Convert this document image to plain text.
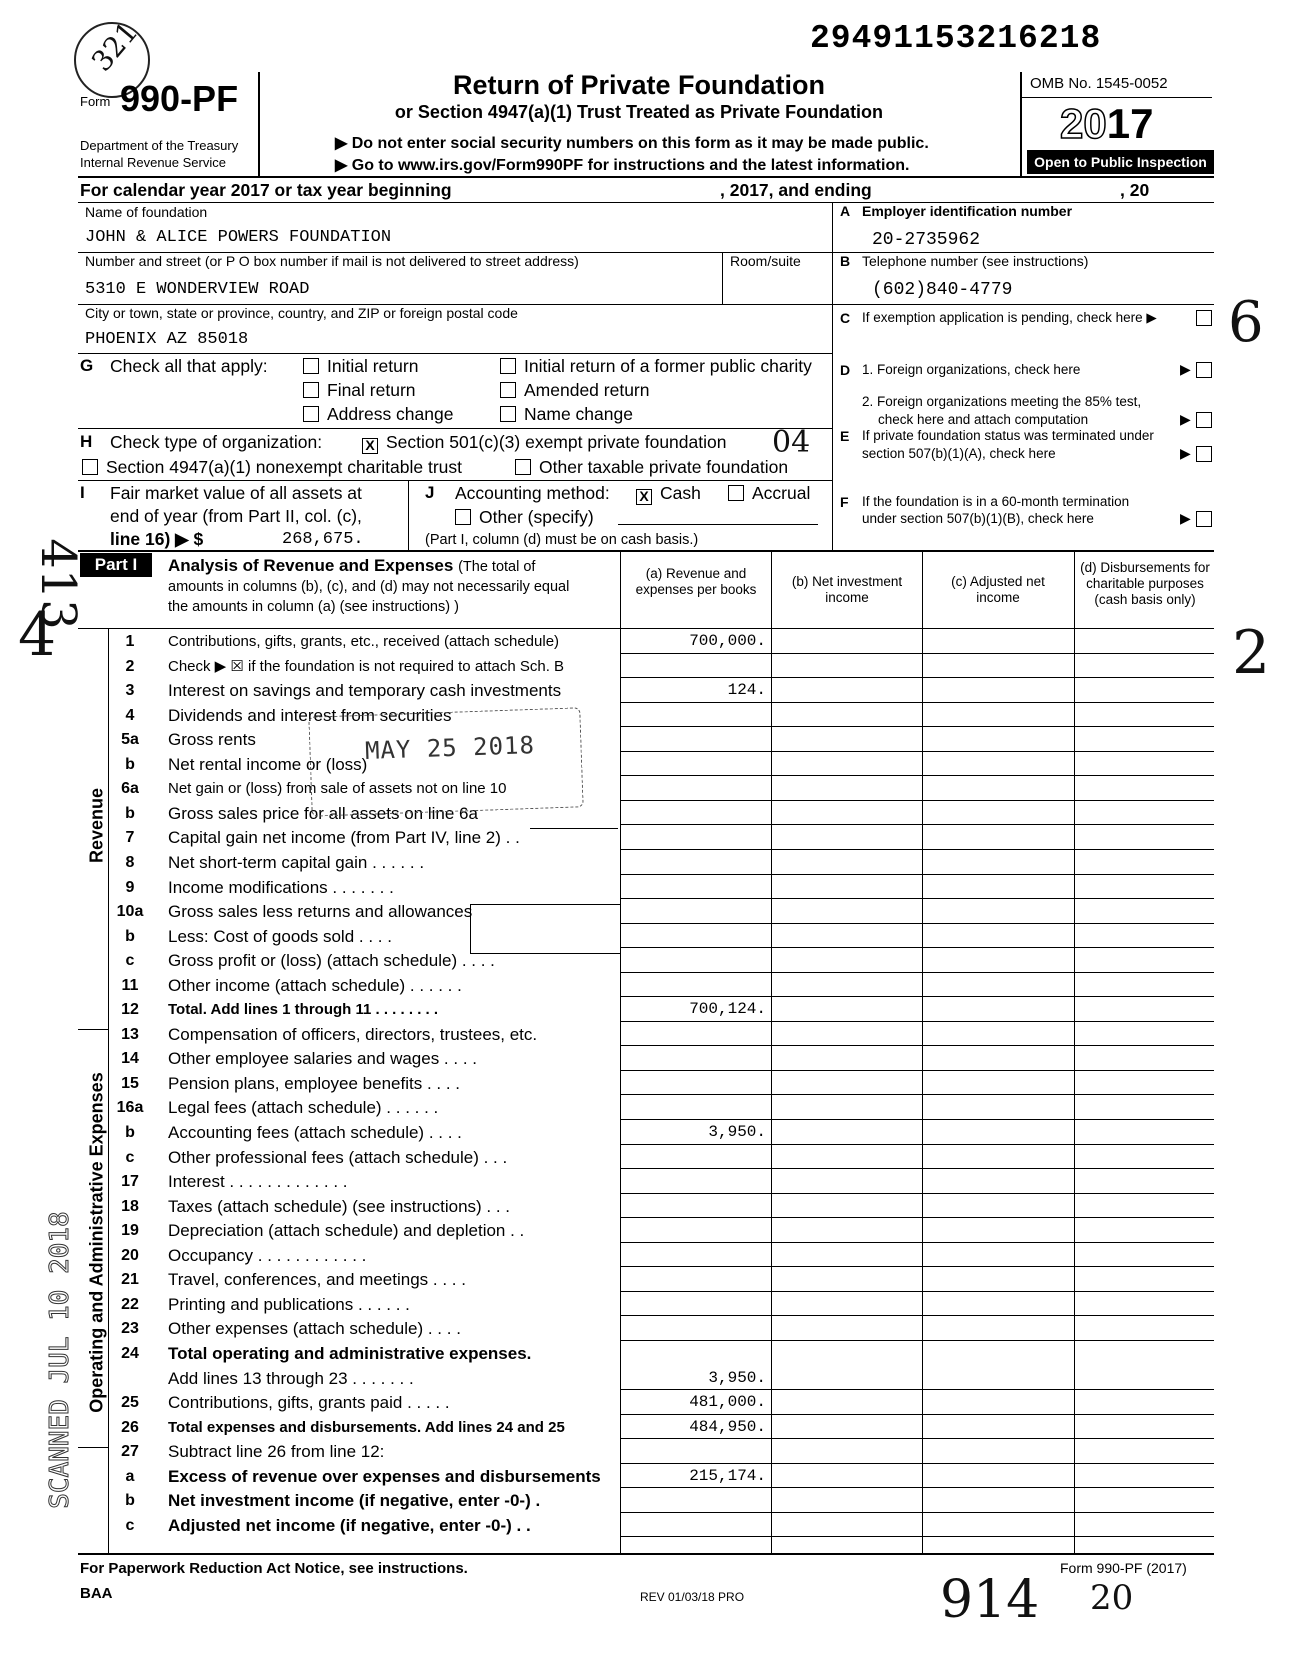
29491153216218
321
Form 990-PF
Department of the Treasury
Internal Revenue Service
Return of Private Foundation
or Section 4947(a)(1) Trust Treated as Private Foundation
▶ Do not enter social security numbers on this form as it may be made public.
▶ Go to www.irs.gov/Form990PF for instructions and the latest information.
OMB No. 1545-0052
2017
Open to Public Inspection
For calendar year 2017 or tax year beginning	, 2017, and ending	, 20
Name of foundation
JOHN & ALICE POWERS FOUNDATION
Number and street (or P O box number if mail is not delivered to street address)	Room/suite
5310 E WONDERVIEW ROAD
City or town, state or province, country, and ZIP or foreign postal code
PHOENIX AZ 85018
A Employer identification number
20-2735962
B Telephone number (see instructions)
(602)840-4779
C If exemption application is pending, check here ▶
D 1. Foreign organizations, check here	▶
2. Foreign organizations meeting the 85% test,
check here and attach computation	▶
E If private foundation status was terminated under
section 507(b)(1)(A), check here	▶
F If the foundation is in a 60-month termination
under section 507(b)(1)(B), check here	▶
G Check all that apply:	Initial return	Initial return of a former public charity
Final return	Amended return
Address change	Name change
H Check type of organization:	X Section 501(c)(3) exempt private foundation
Section 4947(a)(1) nonexempt charitable trust	Other taxable private foundation
04
I Fair market value of all assets at
end of year (from Part II, col. (c),
line 16) ▶ $	268,675.
J Accounting method: X Cash	Accrual
Other (specify)
(Part I, column (d) must be on cash basis.)
Part I	Analysis of Revenue and Expenses (The total of
amounts in columns (b), (c), and (d) may not necessarily equal
the amounts in column (a) (see instructions) )
(a) Revenue and expenses per books
(b) Net investment income
(c) Adjusted net income
(d) Disbursements for charitable purposes (cash basis only)
Revenue
Operating and Administrative Expenses
1	Contributions, gifts, grants, etc., received (attach schedule)	700,000.
2	Check ▶ ☒ if the foundation is not required to attach Sch. B
3	Interest on savings and temporary cash investments	124.
4	Dividends and interest from securities
5a	Gross rents
b	Net rental income or (loss)
6a	Net gain or (loss) from sale of assets not on line 10
b	Gross sales price for all assets on line 6a
7	Capital gain net income (from Part IV, line 2) . .
8	Net short-term capital gain . . . . . .
9	Income modifications . . . . . . .
10a	Gross sales less returns and allowances
b	Less: Cost of goods sold . . . .
c	Gross profit or (loss) (attach schedule) . . . .
11	Other income (attach schedule) . . . . . .
12	Total. Add lines 1 through 11 . . . . . . . .	700,124.
13	Compensation of officers, directors, trustees, etc.
14	Other employee salaries and wages . . . .
15	Pension plans, employee benefits . . . .
16a	Legal fees (attach schedule) . . . . . .
b	Accounting fees (attach schedule) . . . .	3,950.
c	Other professional fees (attach schedule) . . .
17	Interest . . . . . . . . . . . . .
18	Taxes (attach schedule) (see instructions) . . .
19	Depreciation (attach schedule) and depletion . .
20	Occupancy . . . . . . . . . . . .
21	Travel, conferences, and meetings . . . .
22	Printing and publications . . . . . .
23	Other expenses (attach schedule) . . . .
24	Total operating and administrative expenses.
Add lines 13 through 23 . . . . . . .	3,950.
25	Contributions, gifts, grants paid . . . . .	481,000.
26	Total expenses and disbursements. Add lines 24 and 25	484,950.
27	Subtract line 26 from line 12:
a	Excess of revenue over expenses and disbursements	215,174.
b	Net investment income (if negative, enter -0-) .
c	Adjusted net income (if negative, enter -0-) . .
For Paperwork Reduction Act Notice, see instructions.	Form 990-PF (2017)
BAA	REV 01/03/18 PRO
MAY 25 2018
SCANNED JUL 10 2018
413
4	2
6
914 20
